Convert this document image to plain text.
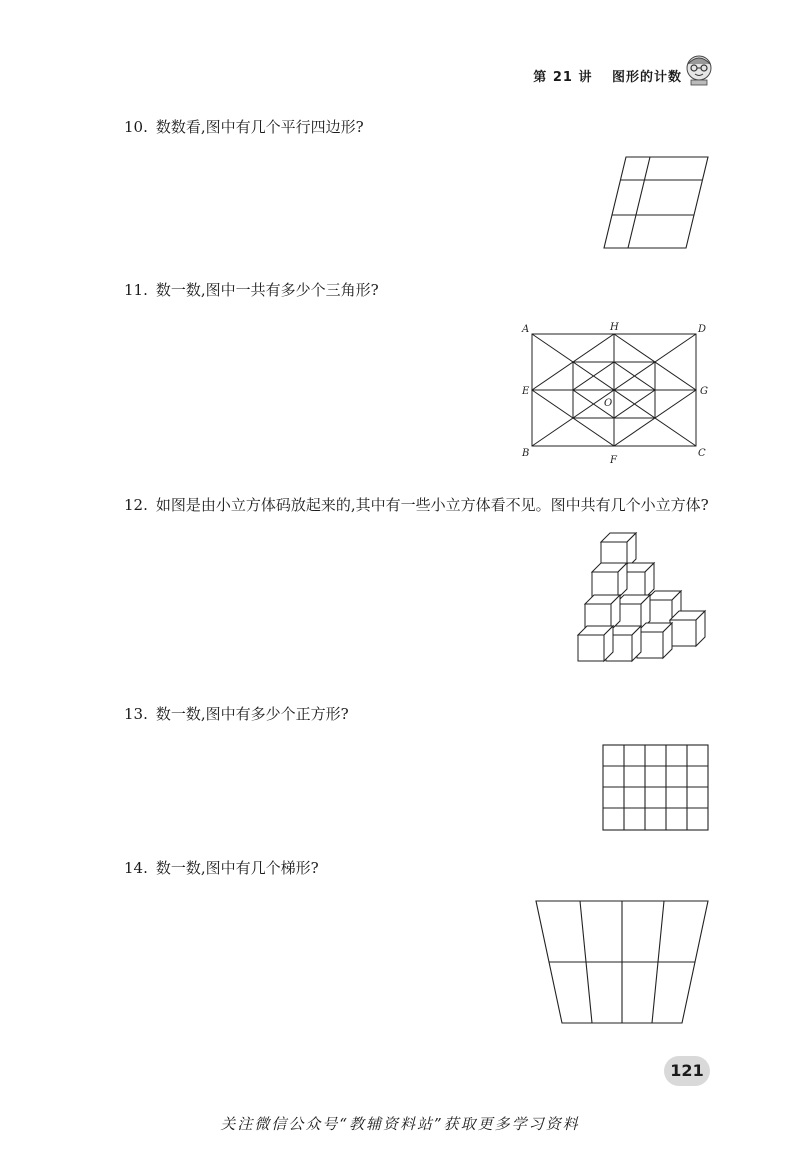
第 21 讲 图形的计数
10. 数数看,图中有几个平行四边形?
11. 数一数,图中一共有多少个三角形?
A	H	D
E
O
G
B
F
C
12. 如图是由小立方体码放起来的,其中有一些小立方体看不见。图中共有几个小立方体?
13. 数一数,图中有多少个正方形?
14. 数一数,图中有几个梯形?
121
关注微信公众号“教辅资料站”获取更多学习资料
